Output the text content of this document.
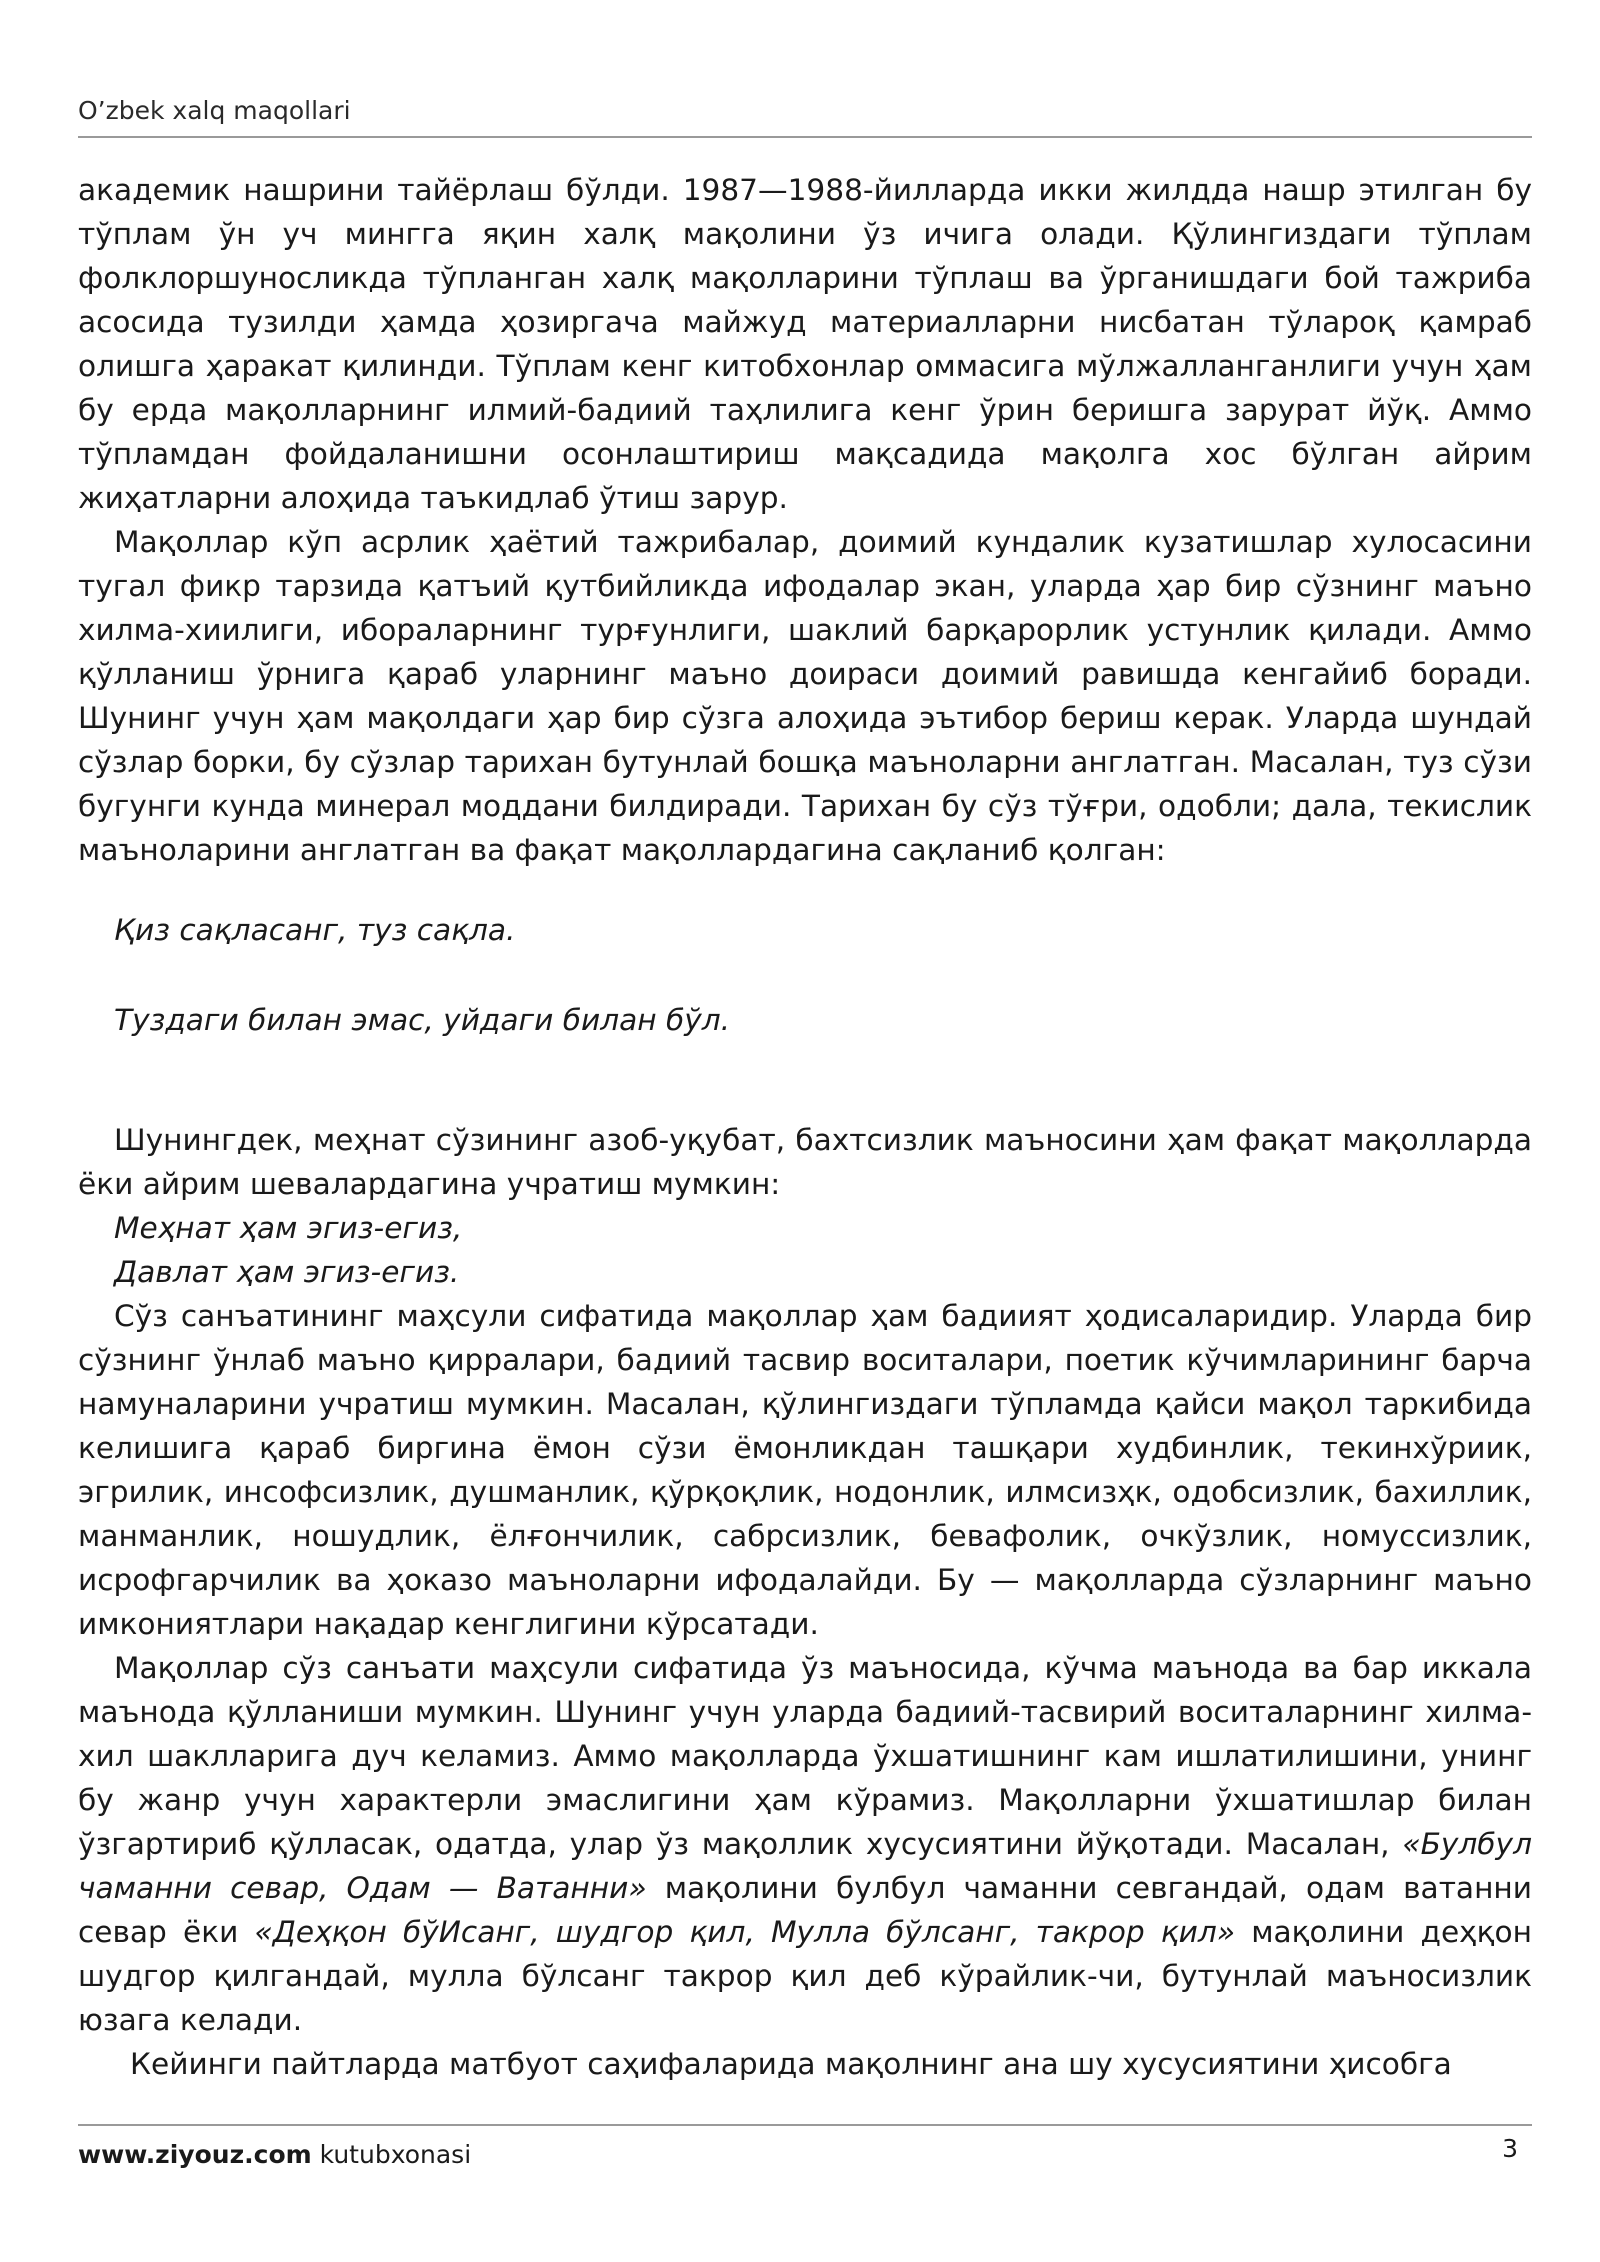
O’zbek xalq maqollari

академик нашрини тайёрлаш бўлди. 1987—1988-йилларда икки жилдда нашр этилган бу тўплам ўн уч мингга яқин халқ мақолини ўз ичига олади. Қўлингиздаги тўплам фолклоршуносликда тўпланган халқ мақолларини тўплаш ва ўрганишдаги бой тажриба асосида тузилди ҳамда ҳозиргача майжуд материалларни нисбатан тўлароқ қамраб олишга ҳаракат қилинди. Тўплам кенг китобхонлар оммасига мўлжалланганлиги учун ҳам бу ерда мақолларнинг илмий-бадиий таҳлилига кенг ўрин беришга зарурат йўқ. Аммо тўпламдан фойдаланишни осонлаштириш мақсадида мақолга хос бўлган айрим жиҳатларни алоҳида таъкидлаб ўтиш зарур.

Мақоллар кўп асрлик ҳаётий тажрибалар, доимий кундалик кузатишлар хулосасини тугал фикр тарзида қатъий қутбийликда ифодалар экан, уларда ҳар бир сўзнинг маъно хилма-хиилиги, ибораларнинг турғунлиги, шаклий барқарорлик устунлик қилади. Аммо қўлланиш ўрнига қараб уларнинг маъно доираси доимий равишда кенгайиб боради. Шунинг учун ҳам мақолдаги ҳар бир сўзга алоҳида эътибор бериш керак. Уларда шундай сўзлар борки, бу сўзлар тарихан бутунлай бошқа маъноларни англатган. Масалан, туз сўзи бугунги кунда минерал моддани билдиради. Тарихан бу сўз тўғри, одобли; дала, текислик маъноларини англатган ва фақат мақоллардагина сақланиб қолган:

Қиз сақласанг, туз сақла.

Туздаги билан эмас, уйдаги билан бўл.

Шунингдек, меҳнат сўзининг азоб-уқубат, бахтсизлик маъносини ҳам фақат мақолларда ёки айрим шевалардагина учратиш мумкин:

Меҳнат ҳам эгиз-егиз,

Давлат ҳам эгиз-егиз.

Сўз санъатининг маҳсули сифатида мақоллар ҳам бадиият ҳодисаларидир. Уларда бир сўзнинг ўнлаб маъно қирралари, бадиий тасвир воситалари, поетик кўчимларининг барча намуналарини учратиш мумкин. Масалан, қўлингиздаги тўпламда қайси мақол таркибида келишига қараб биргина ёмон сўзи ёмонликдан ташқари худбинлик, текинхўриик, эгрилик, инсофсизлик, душманлик, қўрқоқлик, нодонлик, илмсизҳк, одобсизлик, бахиллик, манманлик, ношудлик, ёлғончилик, сабрсизлик, бевафолик, очкўзлик, номуссизлик, исрофгарчилик ва ҳоказо маъноларни ифодалайди. Бу — мақолларда сўзларнинг маъно имкониятлари нақадар кенглигини кўрсатади.

Мақоллар сўз санъати маҳсули сифатида ўз маъносида, кўчма маънода ва бар иккала маънода қўлланиши мумкин. Шунинг учун уларда бадиий-тасвирий воситаларнинг хилма-хил шаклларига дуч келамиз. Аммо мақолларда ўхшатишнинг кам ишлатилишини, унинг бу жанр учун характерли эмаслигини ҳам кўрамиз. Мақолларни ўхшатишлар билан ўзгартириб қўлласак, одатда, улар ўз мақоллик хусусиятини йўқотади. Масалан, «Булбул чаманни севар, Одам — Ватанни» мақолини булбул чаманни севгандай, одам ватанни севар ёки «Деҳқон бўИсанг, шудгор қил, Мулла бўлсанг, такрор қил» мақолини деҳқон шудгор қилгандай, мулла бўлсанг такрор қил деб кўрайлик-чи, бутунлай маъносизлик юзага келади.

Кейинги пайтларда матбуот саҳифаларида мақолнинг ана шу хусусиятини ҳисобга

www.ziyouz.com kutubxonasi	3
